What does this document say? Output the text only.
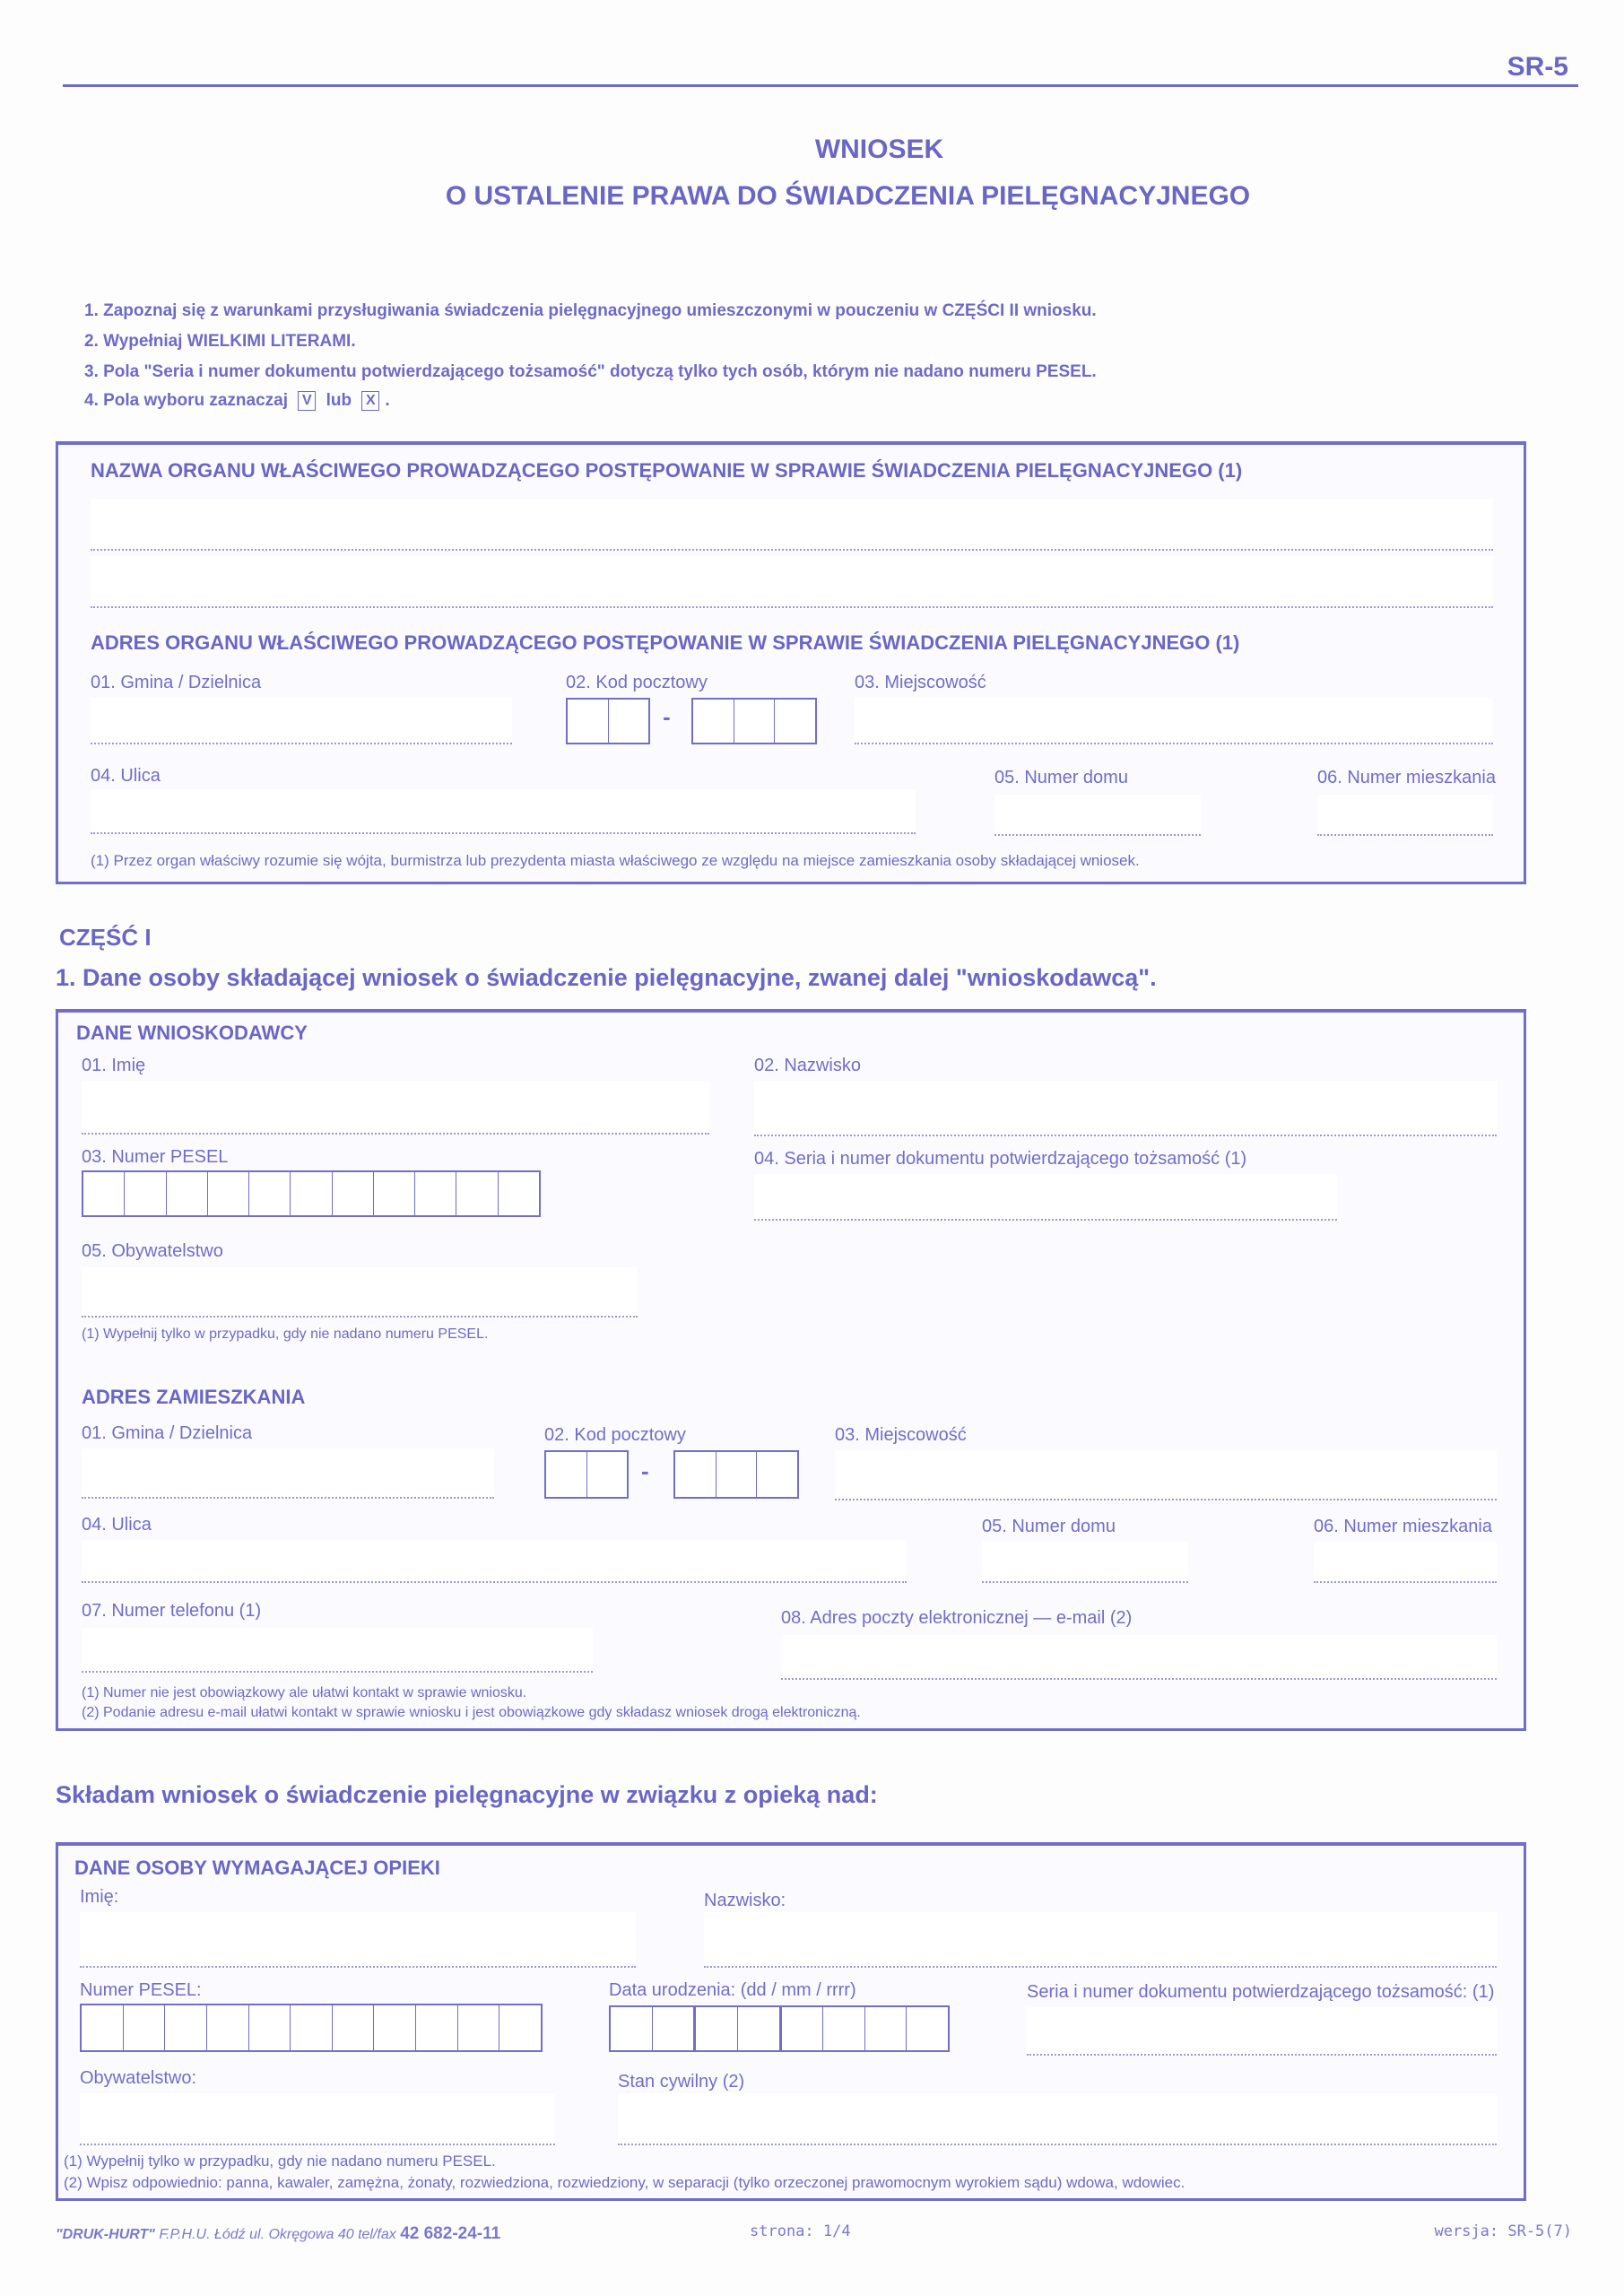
SR-5
WNIOSEK
O USTALENIE PRAWA DO ŚWIADCZENIA PIELĘGNACYJNEGO
1. Zapoznaj się z warunkami przysługiwania świadczenia pielęgnacyjnego umieszczonymi w pouczeniu w CZĘŚCI II wniosku.
2. Wypełniaj WIELKIMI LITERAMI.
3. Pola "Seria i numer dokumentu potwierdzającego tożsamość" dotyczą tylko tych osób, którym nie nadano numeru PESEL.
4. Pola wyboru zaznaczaj V lub X .
NAZWA ORGANU WŁAŚCIWEGO PROWADZĄCEGO POSTĘPOWANIE W SPRAWIE ŚWIADCZENIA PIELĘGNACYJNEGO (1)
ADRES ORGANU WŁAŚCIWEGO PROWADZĄCEGO POSTĘPOWANIE W SPRAWIE ŚWIADCZENIA PIELĘGNACYJNEGO (1)
01. Gmina / Dzielnica	02. Kod pocztowy
-
03. Miejscowość
04. Ulica	05. Numer domu	06. Numer mieszkania
(1) Przez organ właściwy rozumie się wójta, burmistrza lub prezydenta miasta właściwego ze względu na miejsce zamieszkania osoby składającej wniosek.
CZĘŚĆ I
1. Dane osoby składającej wniosek o świadczenie pielęgnacyjne, zwanej dalej "wnioskodawcą".
DANE WNIOSKODAWCY
01. Imię	02. Nazwisko
03. Numer PESEL	04. Seria i numer dokumentu potwierdzającego tożsamość (1)
05. Obywatelstwo
(1) Wypełnij tylko w przypadku, gdy nie nadano numeru PESEL.
ADRES ZAMIESZKANIA
01. Gmina / Dzielnica	02. Kod pocztowy
-
03. Miejscowość
04. Ulica	05. Numer domu	06. Numer mieszkania
07. Numer telefonu (1)	08. Adres poczty elektronicznej — e-mail (2)
(1) Numer nie jest obowiązkowy ale ułatwi kontakt w sprawie wniosku.
(2) Podanie adresu e-mail ułatwi kontakt w sprawie wniosku i jest obowiązkowe gdy składasz wniosek drogą elektroniczną.
Składam wniosek o świadczenie pielęgnacyjne w związku z opieką nad:
DANE OSOBY WYMAGAJĄCEJ OPIEKI
Imię:	Nazwisko:
Numer PESEL:	Data urodzenia: (dd / mm / rrrr)	Seria i numer dokumentu potwierdzającego tożsamość: (1)
Obywatelstwo:	Stan cywilny (2)
(1) Wypełnij tylko w przypadku, gdy nie nadano numeru PESEL.
(2) Wpisz odpowiednio: panna, kawaler, zamężna, żonaty, rozwiedziona, rozwiedziony, w separacji (tylko orzeczonej prawomocnym wyrokiem sądu) wdowa, wdowiec.
"DRUK-HURT" F.P.H.U. Łódź ul. Okręgowa 40 tel/fax 42 682-24-11	strona: 1/4	wersja: SR-5(7)
